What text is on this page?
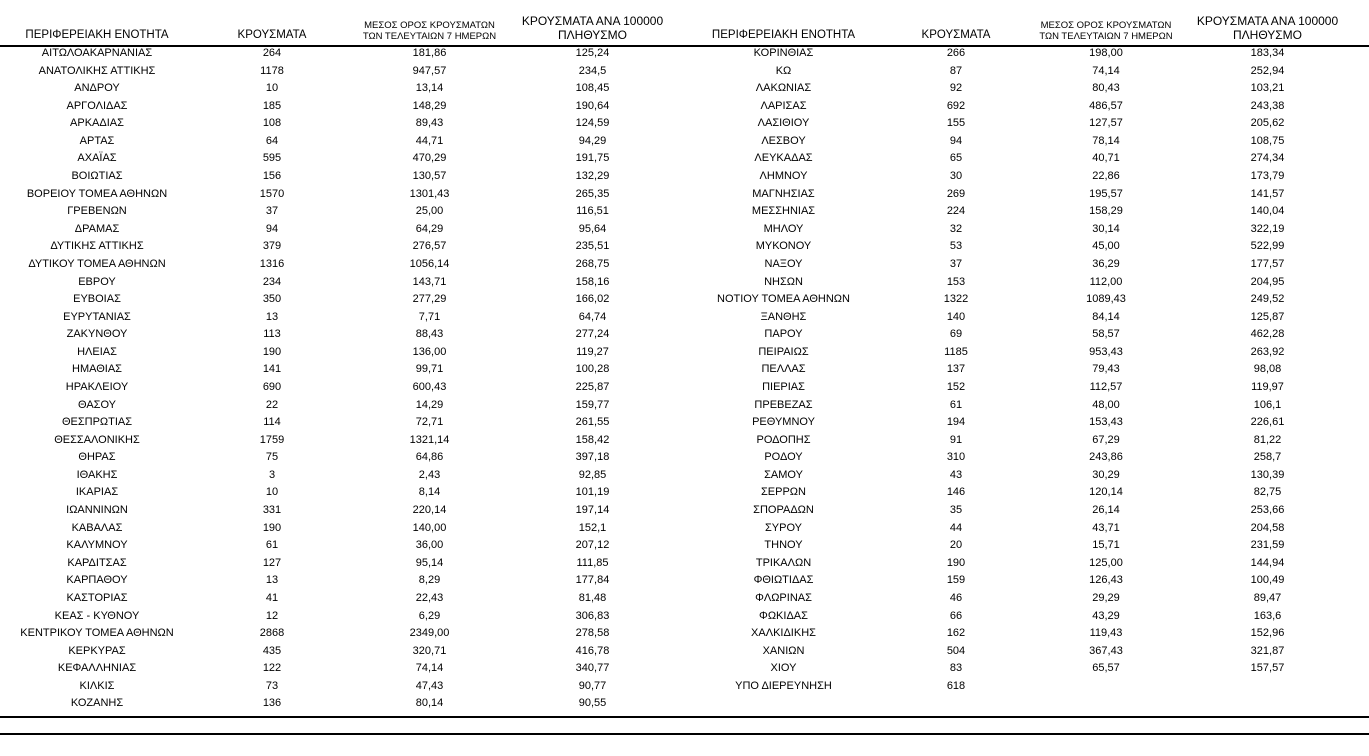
ΠΕΡΙΦΕΡΕΙΑΚΗ ΕΝΟΤΗΤΑ	ΚΡΟΥΣΜΑΤΑ

ΜΕΣΟΣ ΟΡΟΣ ΚΡΟΥΣΜΑΤΩΝ
ΤΩΝ ΤΕΛΕΥΤΑΙΩΝ 7 ΗΜΕΡΩΝ

ΚΡΟΥΣΜΑΤΑ ΑΝΑ 100000
ΠΛΗΘΥΣΜΟ

ΑΙΤΩΛΟΑΚΑΡΝΑΝΙΑΣ	264	181,86	125,24
ΑΝΑΤΟΛΙΚΗΣ ΑΤΤΙΚΗΣ	1178	947,57	234,5
ΑΝΔΡΟΥ	10	13,14	108,45
ΑΡΓΟΛΙΔΑΣ	185	148,29	190,64
ΑΡΚΑΔΙΑΣ	108	89,43	124,59
ΑΡΤΑΣ	64	44,71	94,29
ΑΧΑΪΑΣ	595	470,29	191,75
ΒΟΙΩΤΙΑΣ	156	130,57	132,29
ΒΟΡΕΙΟΥ ΤΟΜΕΑ ΑΘΗΝΩΝ	1570	1301,43	265,35
ΓΡΕΒΕΝΩΝ	37	25,00	116,51
ΔΡΑΜΑΣ	94	64,29	95,64
ΔΥΤΙΚΗΣ ΑΤΤΙΚΗΣ	379	276,57	235,51
ΔΥΤΙΚΟΥ ΤΟΜΕΑ ΑΘΗΝΩΝ	1316	1056,14	268,75
ΕΒΡΟΥ	234	143,71	158,16
ΕΥΒΟΙΑΣ	350	277,29	166,02
ΕΥΡΥΤΑΝΙΑΣ	13	7,71	64,74
ΖΑΚΥΝΘΟΥ	113	88,43	277,24
ΗΛΕΙΑΣ	190	136,00	119,27
ΗΜΑΘΙΑΣ	141	99,71	100,28
ΗΡΑΚΛΕΙΟΥ	690	600,43	225,87
ΘΑΣΟΥ	22	14,29	159,77
ΘΕΣΠΡΩΤΙΑΣ	114	72,71	261,55
ΘΕΣΣΑΛΟΝΙΚΗΣ	1759	1321,14	158,42
ΘΗΡΑΣ	75	64,86	397,18
ΙΘΑΚΗΣ	3	2,43	92,85
ΙΚΑΡΙΑΣ	10	8,14	101,19
ΙΩΑΝΝΙΝΩΝ	331	220,14	197,14
ΚΑΒΑΛΑΣ	190	140,00	152,1
ΚΑΛΥΜΝΟΥ	61	36,00	207,12
ΚΑΡΔΙΤΣΑΣ	127	95,14	111,85
ΚΑΡΠΑΘΟΥ	13	8,29	177,84
ΚΑΣΤΟΡΙΑΣ	41	22,43	81,48
ΚΕΑΣ - ΚΥΘΝΟΥ	12	6,29	306,83
ΚΕΝΤΡΙΚΟΥ ΤΟΜΕΑ ΑΘΗΝΩΝ	2868	2349,00	278,58
ΚΕΡΚΥΡΑΣ	435	320,71	416,78
ΚΕΦΑΛΛΗΝΙΑΣ	122	74,14	340,77
ΚΙΛΚΙΣ	73	47,43	90,77
ΚΟΖΑΝΗΣ	136	80,14	90,55
ΠΕΡΙΦΕΡΕΙΑΚΗ ΕΝΟΤΗΤΑ	ΚΡΟΥΣΜΑΤΑ

ΜΕΣΟΣ ΟΡΟΣ ΚΡΟΥΣΜΑΤΩΝ
ΤΩΝ ΤΕΛΕΥΤΑΙΩΝ 7 ΗΜΕΡΩΝ

ΚΡΟΥΣΜΑΤΑ ΑΝΑ 100000
ΠΛΗΘΥΣΜΟ

ΚΟΡΙΝΘΙΑΣ	266	198,00	183,34
ΚΩ	87	74,14	252,94
ΛΑΚΩΝΙΑΣ	92	80,43	103,21
ΛΑΡΙΣΑΣ	692	486,57	243,38
ΛΑΣΙΘΙΟΥ	155	127,57	205,62
ΛΕΣΒΟΥ	94	78,14	108,75
ΛΕΥΚΑΔΑΣ	65	40,71	274,34
ΛΗΜΝΟΥ	30	22,86	173,79
ΜΑΓΝΗΣΙΑΣ	269	195,57	141,57
ΜΕΣΣΗΝΙΑΣ	224	158,29	140,04
ΜΗΛΟΥ	32	30,14	322,19
ΜΥΚΟΝΟΥ	53	45,00	522,99
ΝΑΞΟΥ	37	36,29	177,57
ΝΗΣΩΝ	153	112,00	204,95
ΝΟΤΙΟΥ ΤΟΜΕΑ ΑΘΗΝΩΝ	1322	1089,43	249,52
ΞΑΝΘΗΣ	140	84,14	125,87
ΠΑΡΟΥ	69	58,57	462,28
ΠΕΙΡΑΙΩΣ	1185	953,43	263,92
ΠΕΛΛΑΣ	137	79,43	98,08
ΠΙΕΡΙΑΣ	152	112,57	119,97
ΠΡΕΒΕΖΑΣ	61	48,00	106,1
ΡΕΘΥΜΝΟΥ	194	153,43	226,61
ΡΟΔΟΠΗΣ	91	67,29	81,22
ΡΟΔΟΥ	310	243,86	258,7
ΣΑΜΟΥ	43	30,29	130,39
ΣΕΡΡΩΝ	146	120,14	82,75
ΣΠΟΡΑΔΩΝ	35	26,14	253,66
ΣΥΡΟΥ	44	43,71	204,58
ΤΗΝΟΥ	20	15,71	231,59
ΤΡΙΚΑΛΩΝ	190	125,00	144,94
ΦΘΙΩΤΙΔΑΣ	159	126,43	100,49
ΦΛΩΡΙΝΑΣ	46	29,29	89,47
ΦΩΚΙΔΑΣ	66	43,29	163,6
ΧΑΛΚΙΔΙΚΗΣ	162	119,43	152,96
ΧΑΝΙΩΝ	504	367,43	321,87
ΧΙΟΥ	83	65,57	157,57
ΥΠΟ ΔΙΕΡΕΥΝΗΣΗ	618		
